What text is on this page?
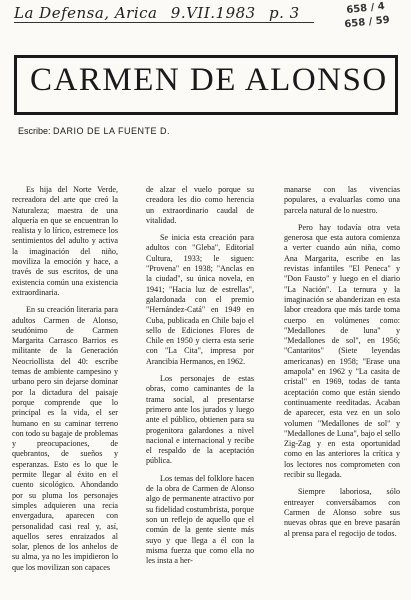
La Defensa, Arica 9.VII.1983 p. 3	658 / 4
658 / 59
CARMEN DE ALONSO
Escribe: DARIO DE LA FUENTE D.

Es hija del Norte Verde, recreadora del arte que creó la Naturaleza; maestra de una alquería en que se encuentran lo realista y lo lírico, estremece los sentimientos del adulto y activa la imaginación del niño, moviliza la emoción y hace, a través de sus escritos, de una existencia común una existencia extraordinaria.

En su creación literaria para adultos Carmen de Alonso, seudónimo de Carmen Margarita Carrasco Barrios es militante de la Generación Neocriollista del 40: escribe temas de ambiente campesino y urbano pero sin dejarse dominar por la dictadura del paisaje porque comprende que lo principal es la vida, el ser humano en su caminar terreno con todo su bagaje de problemas y preocupaciones, de quebrantos, de sueños y esperanzas. Esto es lo que le permite llegar al éxito en el cuento sicológico. Ahondando por su pluma los personajes simples adquieren una recia envergadura, aparecen con personalidad casi real y, así, aquellos seres enraizados al solar, plenos de los anhelos de su alma, ya no les impidieron lo que los movilizan son capaces

de alzar el vuelo porque su creadora les dio como herencia un extraordinario caudal de vitalidad.

Se inicia esta creación para adultos con "Gleba", Editorial Cultura, 1933; le siguen: "Provena" en 1938; "Anclas en la ciudad", su única novela, en 1941; "Hacia luz de estrellas", galardonada con el premio "Hernández-Catá" en 1949 en Cuba, publicada en Chile bajo el sello de Ediciones Flores de Chile en 1950 y cierra esta serie con "La Cita", impresa por Arancibia Hermanos, en 1962.

Los personajes de estas obras, como caminantes de la trama social, al presentarse primero ante los jurados y luego ante el público, obtienen para su progenitora galardones a nivel nacional e internacional y recibe el respaldo de la aceptación pública.

Los temas del folklore hacen de la obra de Carmen de Alonso algo de permanente atractivo por su fidelidad costumbrista, porque son un reflejo de aquello que el común de la gente siente más suyo y que llega a él con la misma fuerza que como ella no les insta a her-

manarse con las vivencias populares, a evaluarlas como una parcela natural de lo nuestro.

Pero hay todavía otra veta generosa que esta autora comienza a verter cuando aún niña, como Ana Margarita, escribe en las revistas infantiles "El Peneca" y "Don Fausto" y luego en el diario "La Nación". La ternura y la imaginación se abanderizan en esta labor creadora que más tarde toma cuerpo en volúmenes como: "Medallones de luna" y "Medallones de sol", en 1956; "Cantaritos" (Siete leyendas americanas) en 1958; "Erase una amapola" en 1962 y "La casita de cristal" en 1969, todas de tanta aceptación como que están siendo continuamente reeditadas. Acaban de aparecer, esta vez en un solo volumen "Medallones de sol" y "Medallones de Luna", bajo el sello Zig-Zag y en esta oportunidad como en las anteriores la crítica y los lectores nos comprometen con recibir su llegada.

Siempre laboriosa, sólo entreayer conversábamos con Carmen de Alonso sobre sus nuevas obras que en breve pasarán al prensa para el regocijo de todos.
